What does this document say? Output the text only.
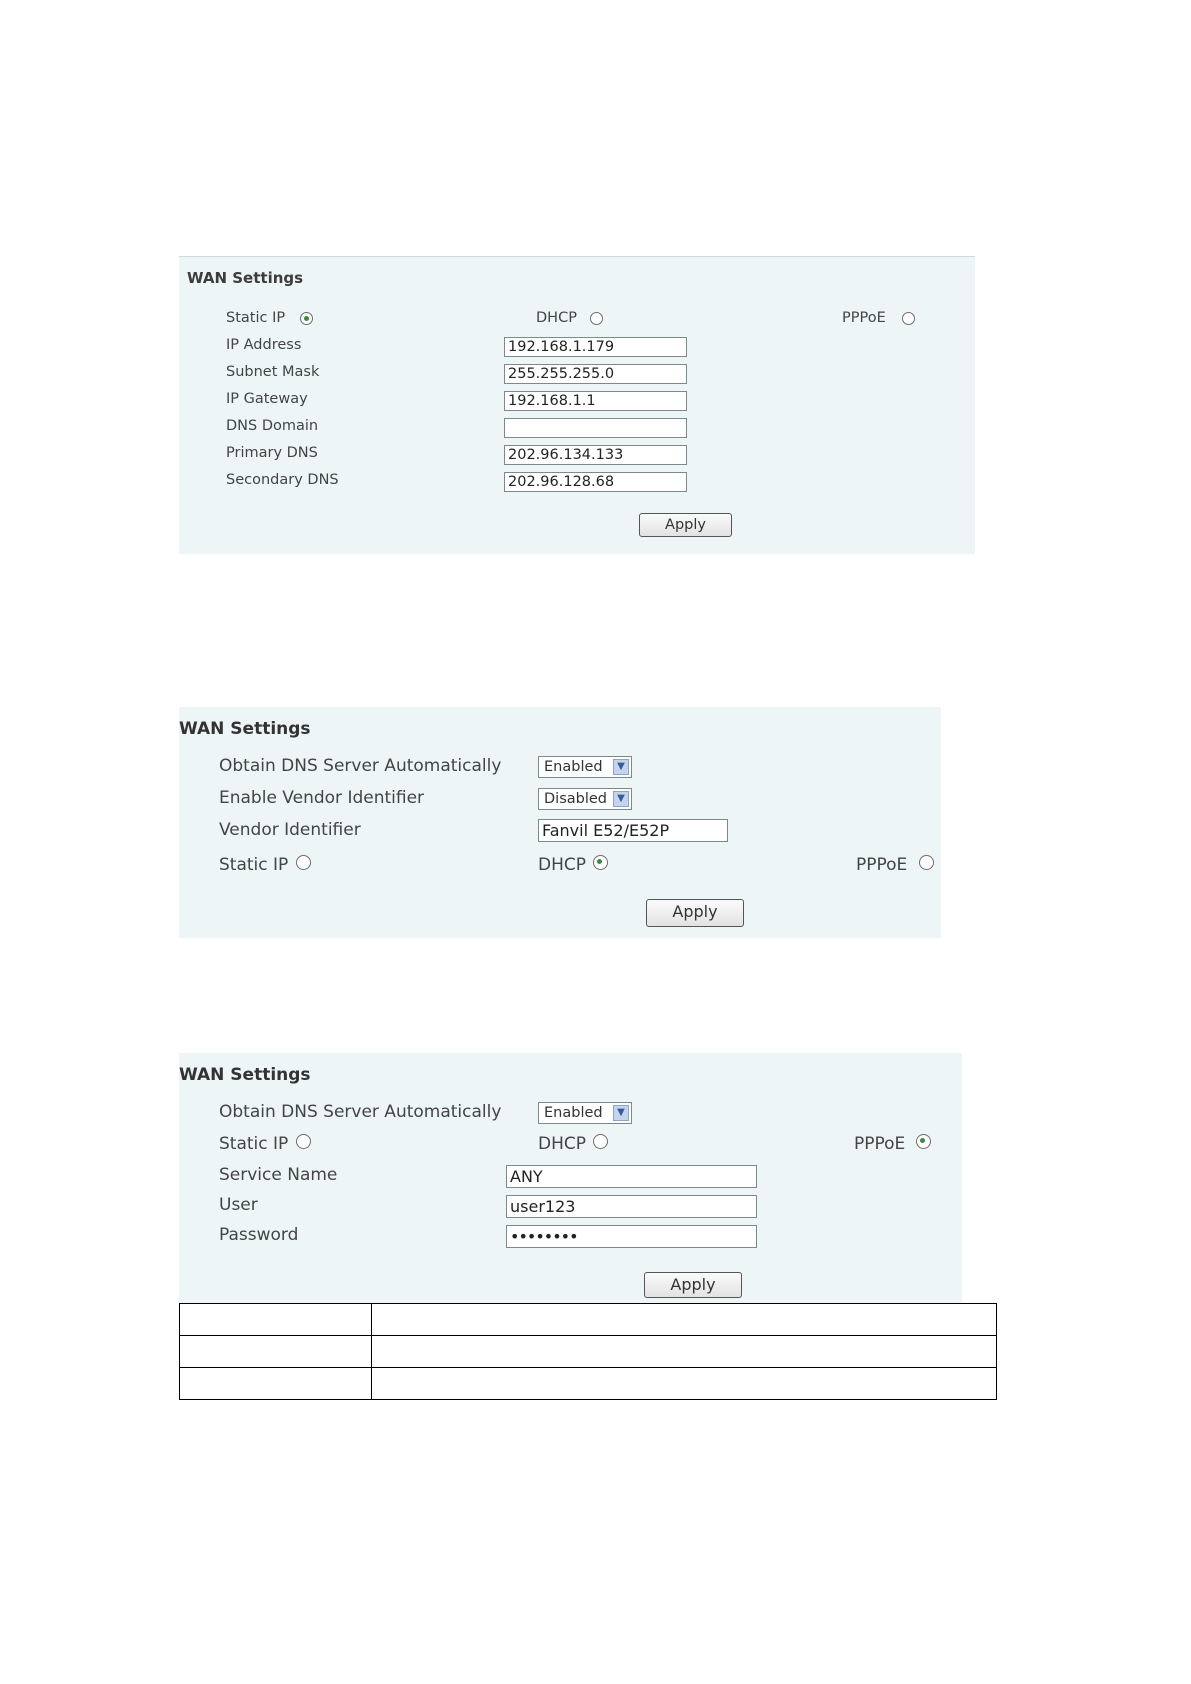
WAN Settings
Static IP	DHCP	PPPoE
IP Address	192.168.1.179
Subnet Mask	255.255.255.0
IP Gateway	192.168.1.1
DNS Domain
Primary DNS	202.96.134.133
Secondary DNS	202.96.128.68
Apply
WAN Settings
Obtain DNS Server Automatically	Enabled	▼
Enable Vendor Identifier	Disabled	▼
Vendor Identifier	Fanvil E52/E52P
Static IP	DHCP	PPPoE
Apply
WAN Settings
Obtain DNS Server Automatically	Enabled	▼
Static IP	DHCP	PPPoE
Service Name	ANY
User	user123
Password	••••••••
Apply
